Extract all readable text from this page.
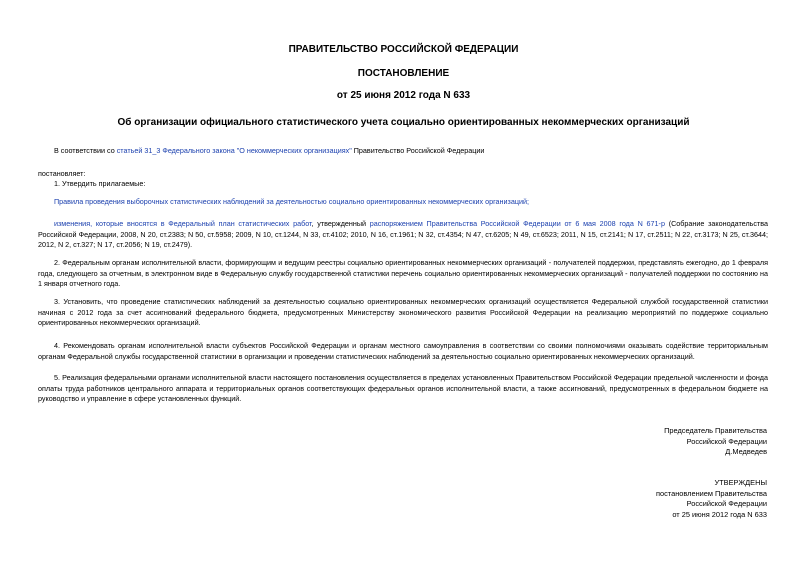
ПРАВИТЕЛЬСТВО РОССИЙСКОЙ ФЕДЕРАЦИИ
ПОСТАНОВЛЕНИЕ
от 25 июня 2012 года N 633
Об организации официального статистического учета социально ориентированных некоммерческих организаций
В соответствии со статьей 31_3 Федерального закона "О некоммерческих организациях" Правительство Российской Федерации
постановляет:
1. Утвердить прилагаемые:
Правила проведения выборочных статистических наблюдений за деятельностью социально ориентированных некоммерческих организаций;
изменения, которые вносятся в Федеральный план статистических работ, утвержденный распоряжением Правительства Российской Федерации от 6 мая 2008 года N 671-р (Собрание законодательства Российской Федерации, 2008, N 20, ст.2383; N 50, ст.5958; 2009, N 10, ст.1244, N 33, ст.4102; 2010, N 16, ст.1961; N 32, ст.4354; N 47, ст.6205; N 49, ст.6523; 2011, N 15, ст.2141; N 17, ст.2511; N 22, ст.3173; N 25, ст.3644; 2012, N 2, ст.327; N 17, ст.2056; N 19, ст.2479).
2. Федеральным органам исполнительной власти, формирующим и ведущим реестры социально ориентированных некоммерческих организаций - получателей поддержки, представлять ежегодно, до 1 февраля года, следующего за отчетным, в электронном виде в Федеральную службу государственной статистики перечень социально ориентированных некоммерческих организаций - получателей поддержки по состоянию на 1 января отчетного года.
3. Установить, что проведение статистических наблюдений за деятельностью социально ориентированных некоммерческих организаций осуществляется Федеральной службой государственной статистики начиная с 2012 года за счет ассигнований федерального бюджета, предусмотренных Министерству экономического развития Российской Федерации на реализацию мероприятий по поддержке социально ориентированных некоммерческих организаций.
4. Рекомендовать органам исполнительной власти субъектов Российской Федерации и органам местного самоуправления в соответствии со своими полномочиями оказывать содействие территориальным органам Федеральной службы государственной статистики в организации и проведении статистических наблюдений за деятельностью социально ориентированных некоммерческих организаций.
5. Реализация федеральными органами исполнительной власти настоящего постановления осуществляется в пределах установленных Правительством Российской Федерации предельной численности и фонда оплаты труда работников центрального аппарата и территориальных органов соответствующих федеральных органов исполнительной власти, а также ассигнований, предусмотренных в федеральном бюджете на руководство и управление в сфере установленных функций.
Председатель Правительства
Российской Федерации
Д.Медведев
УТВЕРЖДЕНЫ
постановлением Правительства
Российской Федерации
от 25 июня 2012 года N 633
